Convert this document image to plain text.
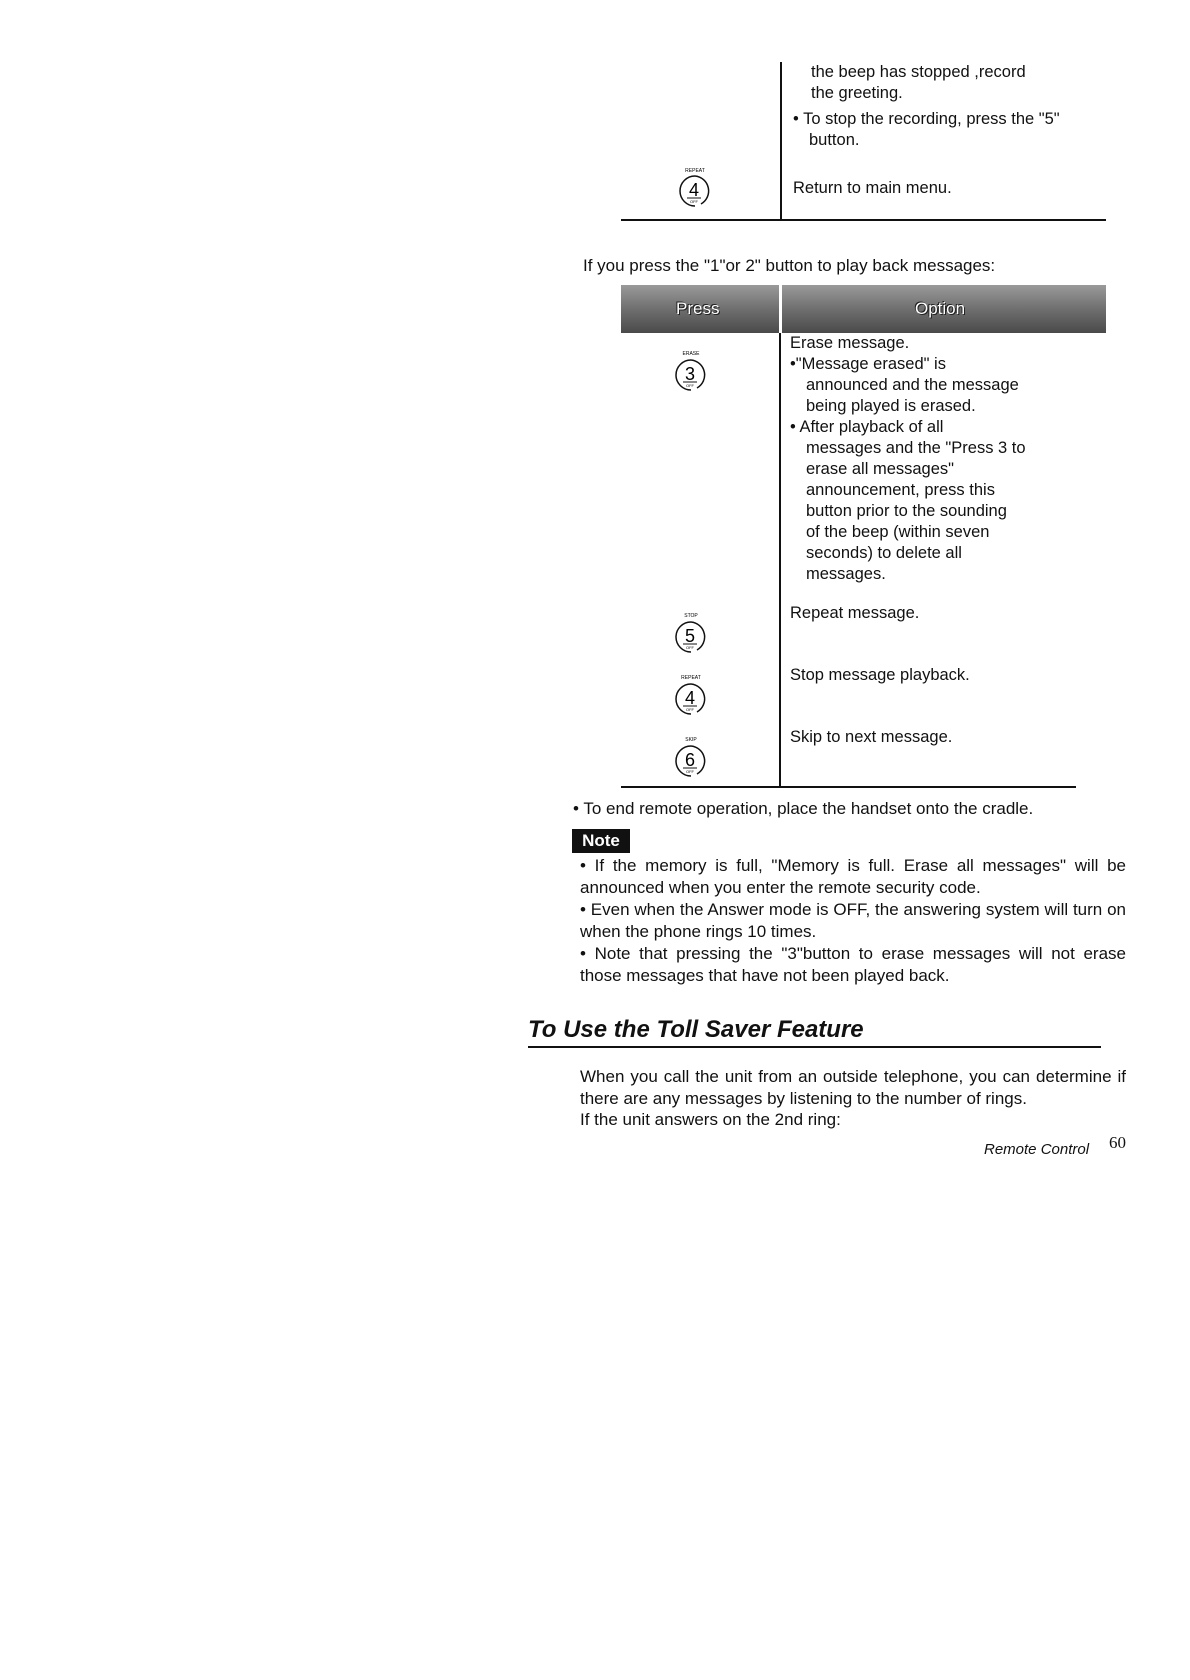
the beep has stopped ,record

the greeting.

• To stop the recording, press the "5"

button.

REPEAT
4
OFF
Return to main menu.
If you press the "1"or 2" button to play back messages:
Press	Option
ERASE
3
OFF

Erase message.

•"Message erased" is

announced and the message

being played is erased.

• After playback of all

messages and the "Press 3 to

erase all messages"

announcement, press this

button prior to the sounding

of the beep (within seven

seconds) to delete all

messages.

STOP
5
OFF
Repeat message.
REPEAT
4
OFF
Stop message playback.
SKIP
6
OFF
Skip to next message.
• To end remote operation, place the handset onto the cradle.
Note
• If the memory is full, "Memory is full. Erase all messages" will be announced when you enter the remote security code.
• Even when the Answer mode is OFF, the answering system will turn on when the phone rings 10 times.
• Note that pressing the "3"button to erase messages will not erase those messages that have not been played back.
To Use the Toll Saver Feature
When you call the unit from an outside telephone, you can determine if there are any messages by listening to the number of rings.
If the unit answers on the 2nd ring:
Remote Control 60
